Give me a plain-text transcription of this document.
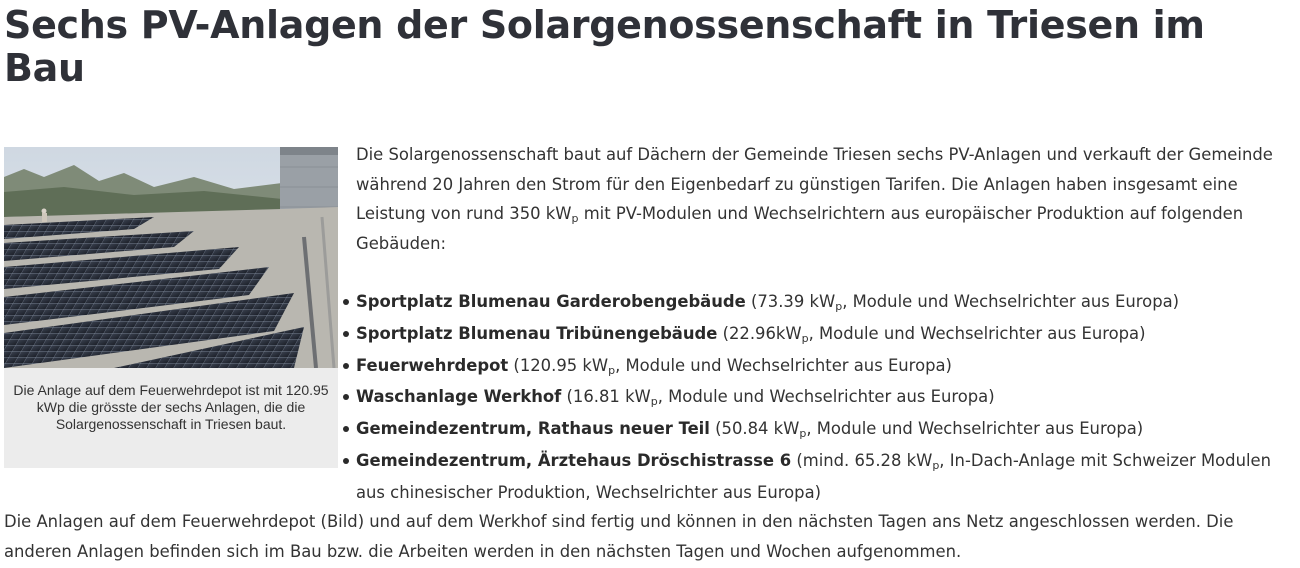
Sechs PV-Anlagen der Solargenossenschaft in Triesen im Bau
Die Anlage auf dem Feuerwehrdepot ist mit 120.95 kWp die grösste der sechs Anlagen, die die Solargenossenschaft in Triesen baut.

Die Solargenossenschaft baut auf Dächern der Gemeinde Triesen sechs PV-Anlagen und verkauft der Gemeinde während 20 Jahren den Strom für den Eigenbedarf zu günstigen Tarifen. Die Anlagen haben insgesamt eine Leistung von rund 350 $kW_p$ mit PV-Modulen und Wechselrichtern aus europäischer Produktion auf folgenden Gebäuden:

Sportplatz Blumenau Garderobengebäude (73.39 $kW_p$, Module und Wechselrichter aus Europa)
Sportplatz Blumenau Tribünengebäude ($22.96kW_p$, Module und Wechselrichter aus Europa)
Feuerwehrdepot (120.95 $kW_p$, Module und Wechselrichter aus Europa)
Waschanlage Werkhof (16.81 $kW_p$, Module und Wechselrichter aus Europa)
Gemeindezentrum, Rathaus neuer Teil (50.84 $kW_p$, Module und Wechselrichter aus Europa)
Gemeindezentrum, Ärztehaus Dröschistrasse 6 (mind. 65.28 $kW_p$, In-Dach-Anlage mit Schweizer Modulen aus chinesischer Produktion, Wechselrichter aus Europa)

Die Anlagen auf dem Feuerwehrdepot (Bild) und auf dem Werkhof sind fertig und können in den nächsten Tagen ans Netz angeschlossen werden. Die anderen Anlagen befinden sich im Bau bzw. die Arbeiten werden in den nächsten Tagen und Wochen aufgenommen.
